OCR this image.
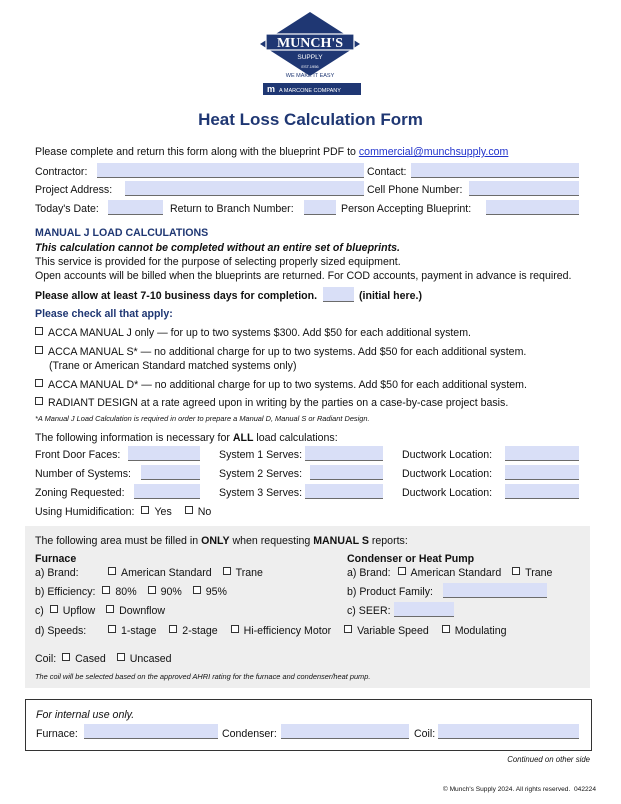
MUNCH'S
SUPPLY
EST.1956
WE MAKE IT EASY
m A MARCONE COMPANY
Heat Loss Calculation Form
Please complete and return this form along with the blueprint PDF to commercial@munchsupply.com
Contractor:	Contact:
Project Address:	Cell Phone Number:
Today's Date:	Return to Branch Number:	Person Accepting Blueprint:
MANUAL J LOAD CALCULATIONS
This calculation cannot be completed without an entire set of blueprints.
This service is provided for the purpose of selecting properly sized equipment.
Open accounts will be billed when the blueprints are returned. For COD accounts, payment in advance is required.
Please allow at least 7-10 business days for completion.	(initial here.)
Please check all that apply:
ACCA MANUAL J only — for up to two systems $300. Add $50 for each additional system.
ACCA MANUAL S* — no additional charge for up to two systems. Add $50 for each additional system.
(Trane or American Standard matched systems only)
ACCA MANUAL D* — no additional charge for up to two systems. Add $50 for each additional system.
RADIANT DESIGN at a rate agreed upon in writing by the parties on a case-by-case project basis.
*A Manual J Load Calculation is required in order to prepare a Manual D, Manual S or Radiant Design.
The following information is necessary for ALL load calculations:
Front Door Faces:	System 1 Serves:	Ductwork Location:
Number of Systems:	System 2 Serves:	Ductwork Location:
Zoning Requested:	System 3 Serves:	Ductwork Location:
Using Humidification: Yes No
The following area must be filled in ONLY when requesting MANUAL S reports:
Furnace	Condenser or Heat Pump
a) Brand:	American Standard Trane	a) Brand: American Standard Trane
b) Efficiency: 80% 90% 95%	b) Product Family:
c) Upflow Downflow	c) SEER:
d) Speeds:	1-stage 2-stage Hi-efficiency Motor Variable Speed Modulating
Coil: Cased Uncased
The coil will be selected based on the approved AHRI rating for the furnace and condenser/heat pump.
For internal use only.
Furnace:	Condenser:	Coil:
Continued on other side
© Munch's Supply 2024. All rights reserved. 042224
